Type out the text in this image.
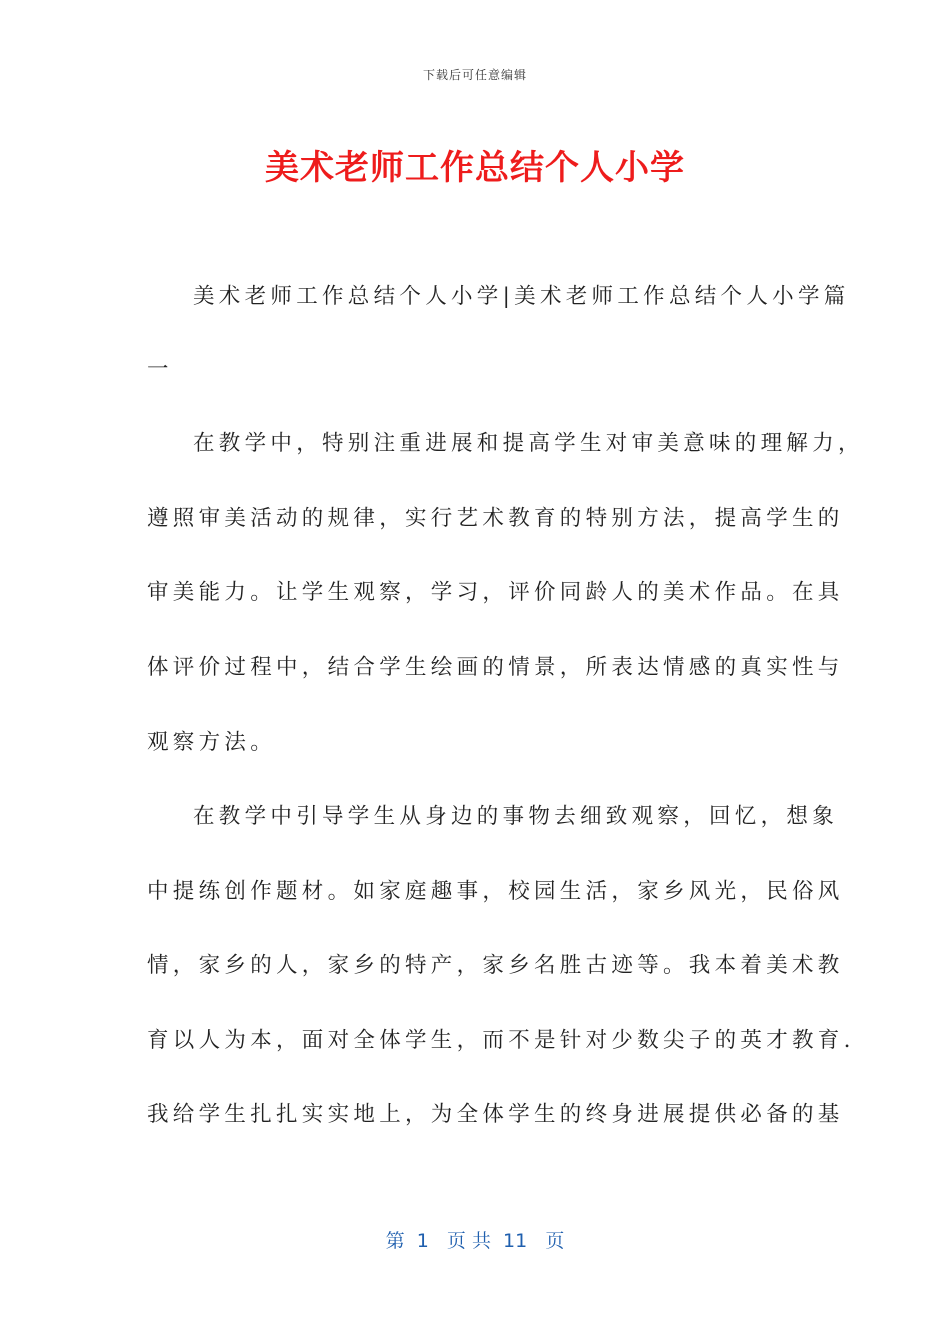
下载后可任意编辑
美术老师工作总结个人小学
美术老师工作总结个人小学|美术老师工作总结个人小学篇
一
在教学中，特别注重进展和提高学生对审美意味的理解力，
遵照审美活动的规律，实行艺术教育的特别方法，提高学生的
审美能力。让学生观察，学习，评价同龄人的美术作品。在具
体评价过程中，结合学生绘画的情景，所表达情感的真实性与
观察方法。
在教学中引导学生从身边的事物去细致观察，回忆，想象
中提练创作题材。如家庭趣事，校园生活，家乡风光，民俗风
情，家乡的人，家乡的特产，家乡名胜古迹等。我本着美术教
育以人为本，面对全体学生，而不是针对少数尖子的英才教育.
我给学生扎扎实实地上，为全体学生的终身进展提供必备的基
第  1   页 共  11   页
